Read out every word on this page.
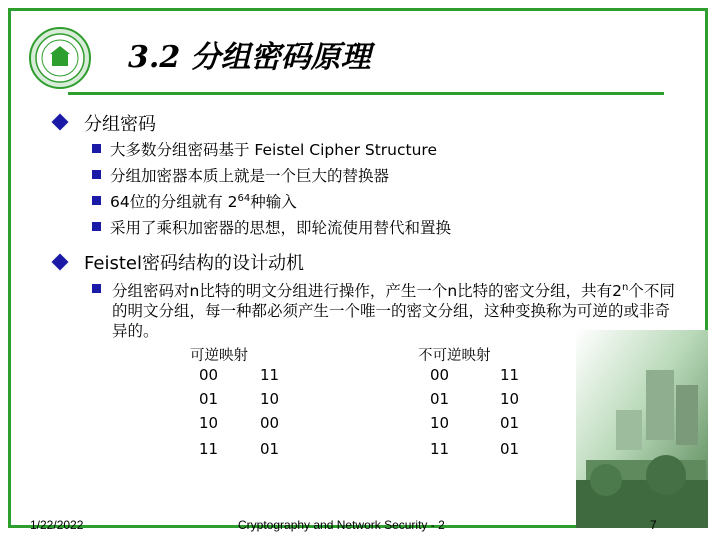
3.2 分组密码原理
分组密码
大多数分组密码基于 Feistel Cipher Structure
分组加密器本质上就是一个巨大的替换器
64位的分组就有 $2^{64}$种输入
采用了乘积加密器的思想，即轮流使用替代和置换
Feistel密码结构的设计动机
分组密码对n比特的明文分组进行操作，产生一个n比特的密文分组，共有2$^n$个不同的明文分组，每一种都必须产生一个唯一的密文分组，这种变换称为可逆的或非奇异的。
可逆映射	不可逆映射
00	11
01	10
10	00
11	01
00	11
01	10
10	01
11	01
1/22/2022	Cryptography and Network Security - 2	7
